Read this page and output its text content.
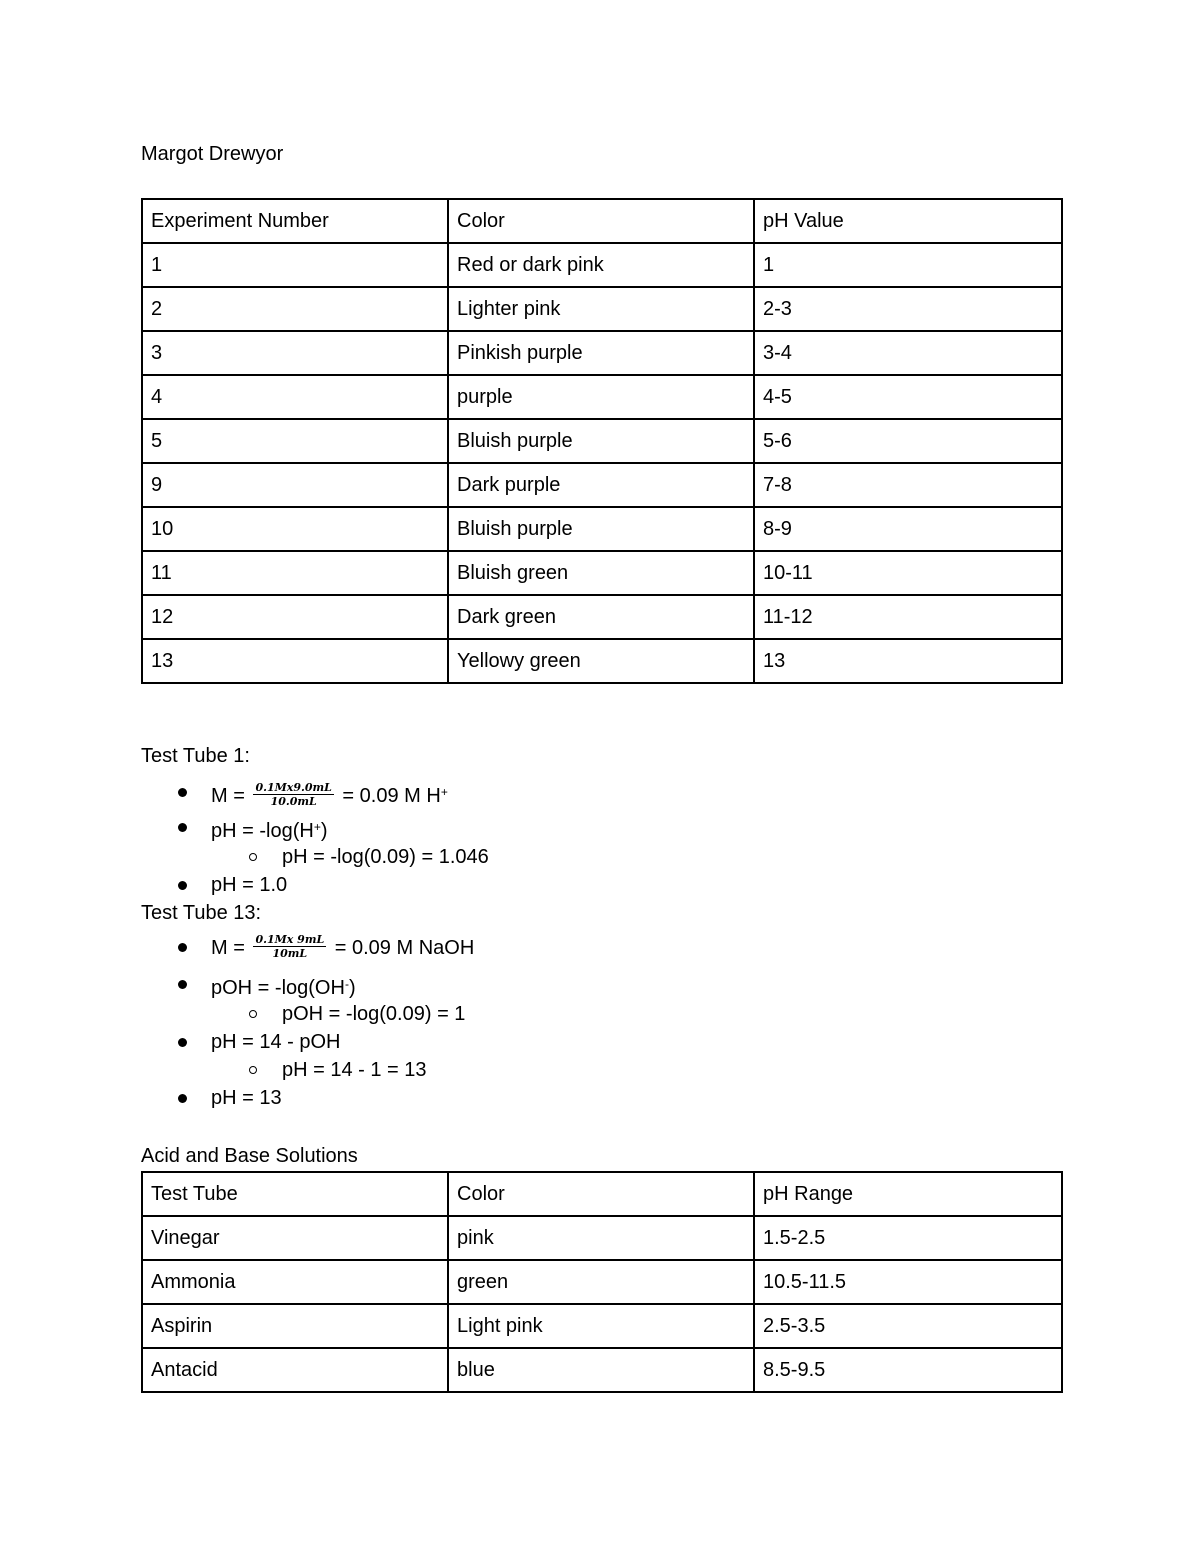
Margot Drewyor
Experiment Number	Color	pH Value
1	Red or dark pink	1
2	Lighter pink	2-3
3	Pinkish purple	3-4
4	purple	4-5
5	Bluish purple	5-6
9	Dark purple	7-8
10	Bluish purple	8-9
11	Bluish green	10-11
12	Dark green	11-12
13	Yellowy green	13
Test Tube 1:
$M = \frac{0.1Mx9.0mL}{10.0mL} = 0.09$ M H+
pH = -log(H+)
pH = -log(0.09) = 1.046
pH = 1.0
Test Tube 13:
$M = \frac{0.1Mx 9mL}{10mL} = 0.09$ M NaOH
pOH = -log(OH-)
pOH = -log(0.09) = 1
pH = 14 - pOH
pH = 14 - 1 = 13
pH = 13
Acid and Base Solutions
Test Tube	Color	pH Range
Vinegar	pink	1.5-2.5
Ammonia	green	10.5-11.5
Aspirin	Light pink	2.5-3.5
Antacid	blue	8.5-9.5
